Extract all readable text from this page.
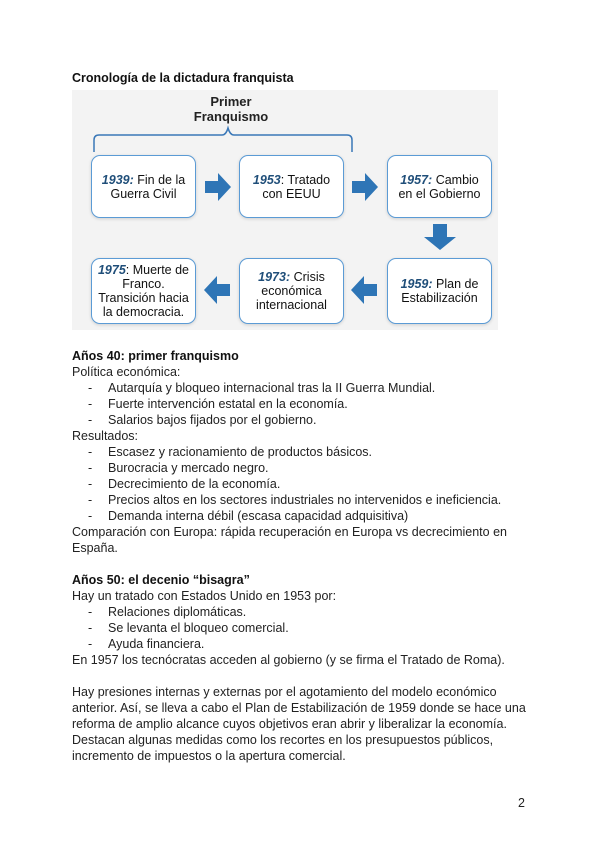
Cronología de la dictadura franquista
Primer Franquismo
1939: Fin de la Guerra Civil
1953: Tratado con EEUU
1957: Cambio en el Gobierno
1959: Plan de Estabilización
1973: Crisis económica internacional
1975: Muerte de Franco. Transición hacia la democracia.
Años 40: primer franquismo
Política económica:
- Autarquía y bloqueo internacional tras la II Guerra Mundial.
- Fuerte intervención estatal en la economía.
- Salarios bajos fijados por el gobierno.
Resultados:
- Escasez y racionamiento de productos básicos.
- Burocracia y mercado negro.
- Decrecimiento de la economía.
- Precios altos en los sectores industriales no intervenidos e ineficiencia.
- Demanda interna débil (escasa capacidad adquisitiva)
Comparación con Europa: rápida recuperación en Europa vs decrecimiento en
España.
Años 50: el decenio “bisagra”
Hay un tratado con Estados Unido en 1953 por:
- Relaciones diplomáticas.
- Se levanta el bloqueo comercial.
- Ayuda financiera.
En 1957 los tecnócratas acceden al gobierno (y se firma el Tratado de Roma).
Hay presiones internas y externas por el agotamiento del modelo económico
anterior. Así, se lleva a cabo el Plan de Estabilización de 1959 donde se hace una
reforma de amplio alcance cuyos objetivos eran abrir y liberalizar la economía.
Destacan algunas medidas como los recortes en los presupuestos públicos,
incremento de impuestos o la apertura comercial.
2
